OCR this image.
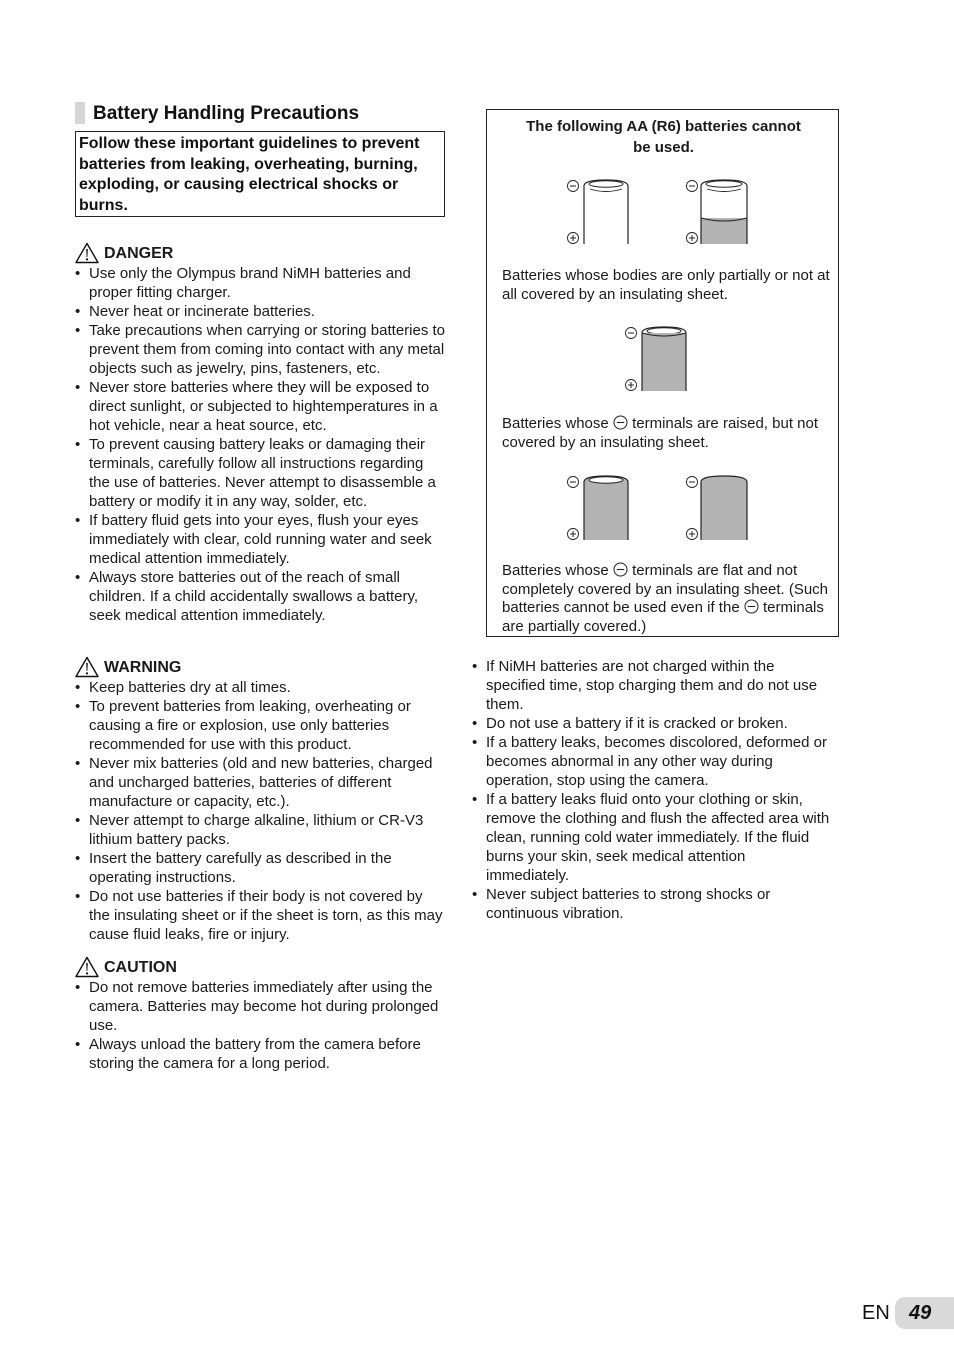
Battery Handling Precautions
Follow these important guidelines to prevent batteries from leaking, overheating, burning, exploding, or causing electrical shocks or burns.
DANGER
• Use only the Olympus brand NiMH batteries and proper fitting charger.
• Never heat or incinerate batteries.
• Take precautions when carrying or storing batteries to prevent them from coming into contact with any metal objects such as jewelry, pins, fasteners, etc.
• Never store batteries where they will be exposed to direct sunlight, or subjected to hightemperatures in a hot vehicle, near a heat source, etc.
• To prevent causing battery leaks or damaging their terminals, carefully follow all instructions regarding the use of batteries. Never attempt to disassemble a battery or modify it in any way, solder, etc.
• If battery fluid gets into your eyes, flush your eyes immediately with clear, cold running water and seek medical attention immediately.
• Always store batteries out of the reach of small children. If a child accidentally swallows a battery, seek medical attention immediately.
WARNING
• Keep batteries dry at all times.
• To prevent batteries from leaking, overheating or causing a fire or explosion, use only batteries recommended for use with this product.
• Never mix batteries (old and new batteries, charged and uncharged batteries, batteries of different manufacture or capacity, etc.).
• Never attempt to charge alkaline, lithium or CR-V3 lithium battery packs.
• Insert the battery carefully as described in the operating instructions.
• Do not use batteries if their body is not covered by the insulating sheet or if the sheet is torn, as this may cause fluid leaks, fire or injury.
CAUTION
• Do not remove batteries immediately after using the camera. Batteries may become hot during prolonged use.
• Always unload the battery from the camera before storing the camera for a long period.
The following AA (R6) batteries cannot
be used.
Batteries whose bodies are only partially or not at all covered by an insulating sheet.
Batteries whose terminals are raised, but not covered by an insulating sheet.
Batteries whose terminals are flat and not completely covered by an insulating sheet. (Such batteries cannot be used even if the terminals are partially covered.)
• If NiMH batteries are not charged within the specified time, stop charging them and do not use them.
• Do not use a battery if it is cracked or broken.
• If a battery leaks, becomes discolored, deformed or becomes abnormal in any other way during operation, stop using the camera.
• If a battery leaks fluid onto your clothing or skin, remove the clothing and flush the affected area with clean, running cold water immediately. If the fluid burns your skin, seek medical attention immediately.
• Never subject batteries to strong shocks or continuous vibration.
EN 49
